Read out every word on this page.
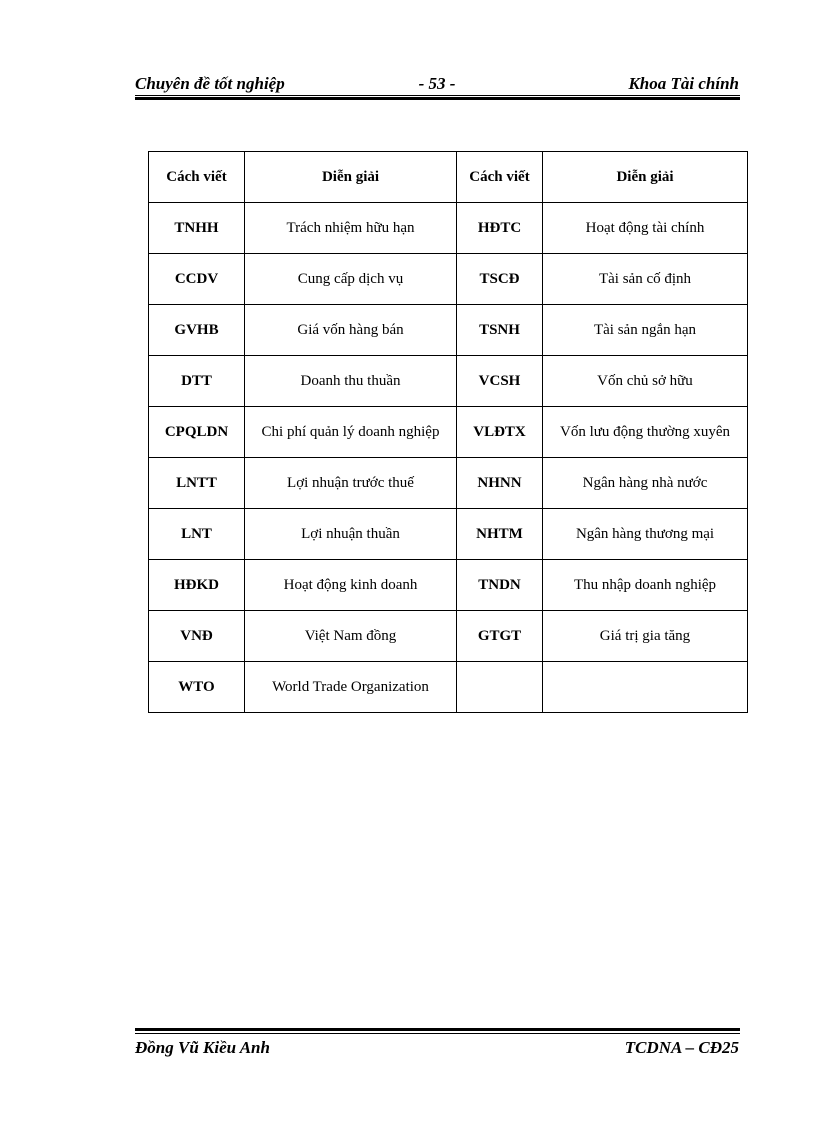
Chuyên đề tốt nghiệp	- 53 -	Khoa Tài chính
Cách viết	Diễn giải	Cách viết	Diễn giải
TNHH	Trách nhiệm hữu hạn	HĐTC	Hoạt động tài chính
CCDV	Cung cấp dịch vụ	TSCĐ	Tài sản cố định
GVHB	Giá vốn hàng bán	TSNH	Tài sản ngắn hạn
DTT	Doanh thu thuần	VCSH	Vốn chủ sở hữu
CPQLDN	Chi phí quản lý doanh nghiệp	VLĐTX	Vốn lưu động thường xuyên
LNTT	Lợi nhuận trước thuế	NHNN	Ngân hàng nhà nước
LNT	Lợi nhuận thuần	NHTM	Ngân hàng thương mại
HĐKD	Hoạt động kinh doanh	TNDN	Thu nhập doanh nghiệp
VNĐ	Việt Nam đồng	GTGT	Giá trị gia tăng
WTO	World Trade Organization		
Đồng Vũ Kiều Anh	TCDNA – CĐ25
